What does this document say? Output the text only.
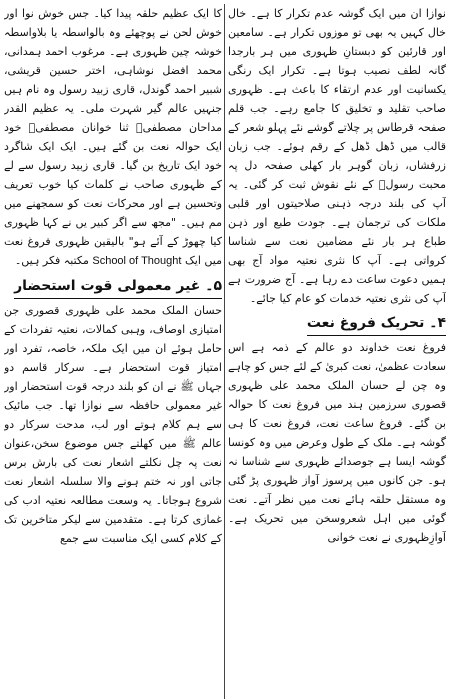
نوازا ان میں ایک گوشہ عدم تکرار کا ہے۔ خال خال کہیں یہ بھی تو موزوں تکرار ہے۔ سامعین اور قارئین کو دبستانِ ظہوری میں ہر بارجدا گانہ لطف نصیب ہوتا ہے۔ تکرار ایک رنگی یکسانیت اور عدم ارتقاء کا باعث ہے۔ ظہوری صاحب تقلید و تخلیق کا جامع رہے۔ جب قلم صفحہ قرطاس پر چلاتے گوشے نئے پہلو شعر کے قالب میں ڈھل ڈھل کے رقم ہوئے۔ جب زبان زرفشاں، زبان گوہر بار کھلی صفحہ دل پہ محبت رسولؐ کے نئے نقوش ثبت کر گئی۔ یہ آپ کی بلند درجہ ذہنی صلاحیتوں اور قلبی ملکات کی ترجمان ہے۔ جودت طبع اور ذہن طباع ہر بار نئے مضامین نعت سے شناسا کرواتی ہے۔ آپ کا نثری نعتیہ مواد آج بھی ہمیں دعوت ساعت دے رہا ہے۔ آج ضرورت ہے آپ کی نثری نعتیہ خدمات کو عام کیا جائے۔

۴۔ تحریک فروغ نعت

فروغ نعت خداوند دو عالم کے ذمہ ہے اس سعادت عظمیٰ، نعت کبریٰ کے لئے جس کو چاہے وہ چن لے حسان الملک محمد علی ظہوری قصوری سرزمین ہند میں فروغ نعت کا حوالہ بن گئے۔ فروغ ساعت نعت، فروغ نعت کا ہی گوشہ ہے۔ ملک کے طول وعرض میں وہ کونسا گوشہ ایسا ہے جوصدائے ظہوری سے شناسا نہ ہو۔ جن کانوں میں پرسوز آواز ظہوری پڑ گئی وہ مستقل حلقہ ہائے نعت میں نظر آتے۔ نعت گوئی میں اہل شعروسخن میں تحریک ہے۔ آوازِظہوری نے نعت خوانی

کا ایک عظیم حلقہ پیدا کیا۔ جس خوش نوا اور خوش لحن نے پوچھئے وہ بالواسطہ یا بلاواسطہ خوشہ چین ظہوری ہے۔ مرغوب احمد ہمدانی، محمد افضل نوشاہی، اختر حسین قریشی، شبیر احمد گوندل، قاری زبید رسول وہ نام ہیں جنہیں عالم گیر شہرت ملی۔ یہ عظیم القدر مداحان مصطفیؐ ثنا خوانان مصطفیؐ خود ایک حوالہ نعت بن گئے ہیں۔ ایک ایک شاگرد خود ایک تاریخ بن گیا۔ قاری زبید رسول سے لے کے ظہوری صاحب نے کلمات کیا خوب تعریف وتحسین ہے اور محرکات نعت کو سمجھنے میں مم ہیں۔ "مجھ سے اگر کبیر یں نے کہا ظہوری کیا چھوڑ کے آئے ہو" بالیقین ظہوری فروغ نعت میں ایک School of Thought مکتبہ فکر ہیں۔

۵۔ غیر معمولی قوت استحضار

حسان الملک محمد علی ظہوری قصوری جن امتیازی اوصاف، وہبی کمالات، نعتیہ تفردات کے حامل ہوئے ان میں ایک ملکہ، خاصہ، تفرد اور امتیاز قوت استحضار ہے۔ سرکار قاسم دو جہاں ﷺ نے ان کو بلند درجہ قوت استحضار اور غیر معمولی حافظہ سے نوازا تھا۔ جب مائیک سے ہم کلام ہوتے اور لب، مدحت سرکار دو عالم ﷺ میں کھلتے جس موضوع سخن،عنوان نعت پہ چل نکلتے اشعار نعت کی بارش برس جاتی اور نہ ختم ہونے والا سلسلہ اشعار نعت شروع ہوجاتا۔ یہ وسعت مطالعہ نعتیہ ادب کی غمازی کرتا ہے۔ متقدمین سے لیکر متاخرین تک کے کلام کسی ایک مناسبت سے جمع
